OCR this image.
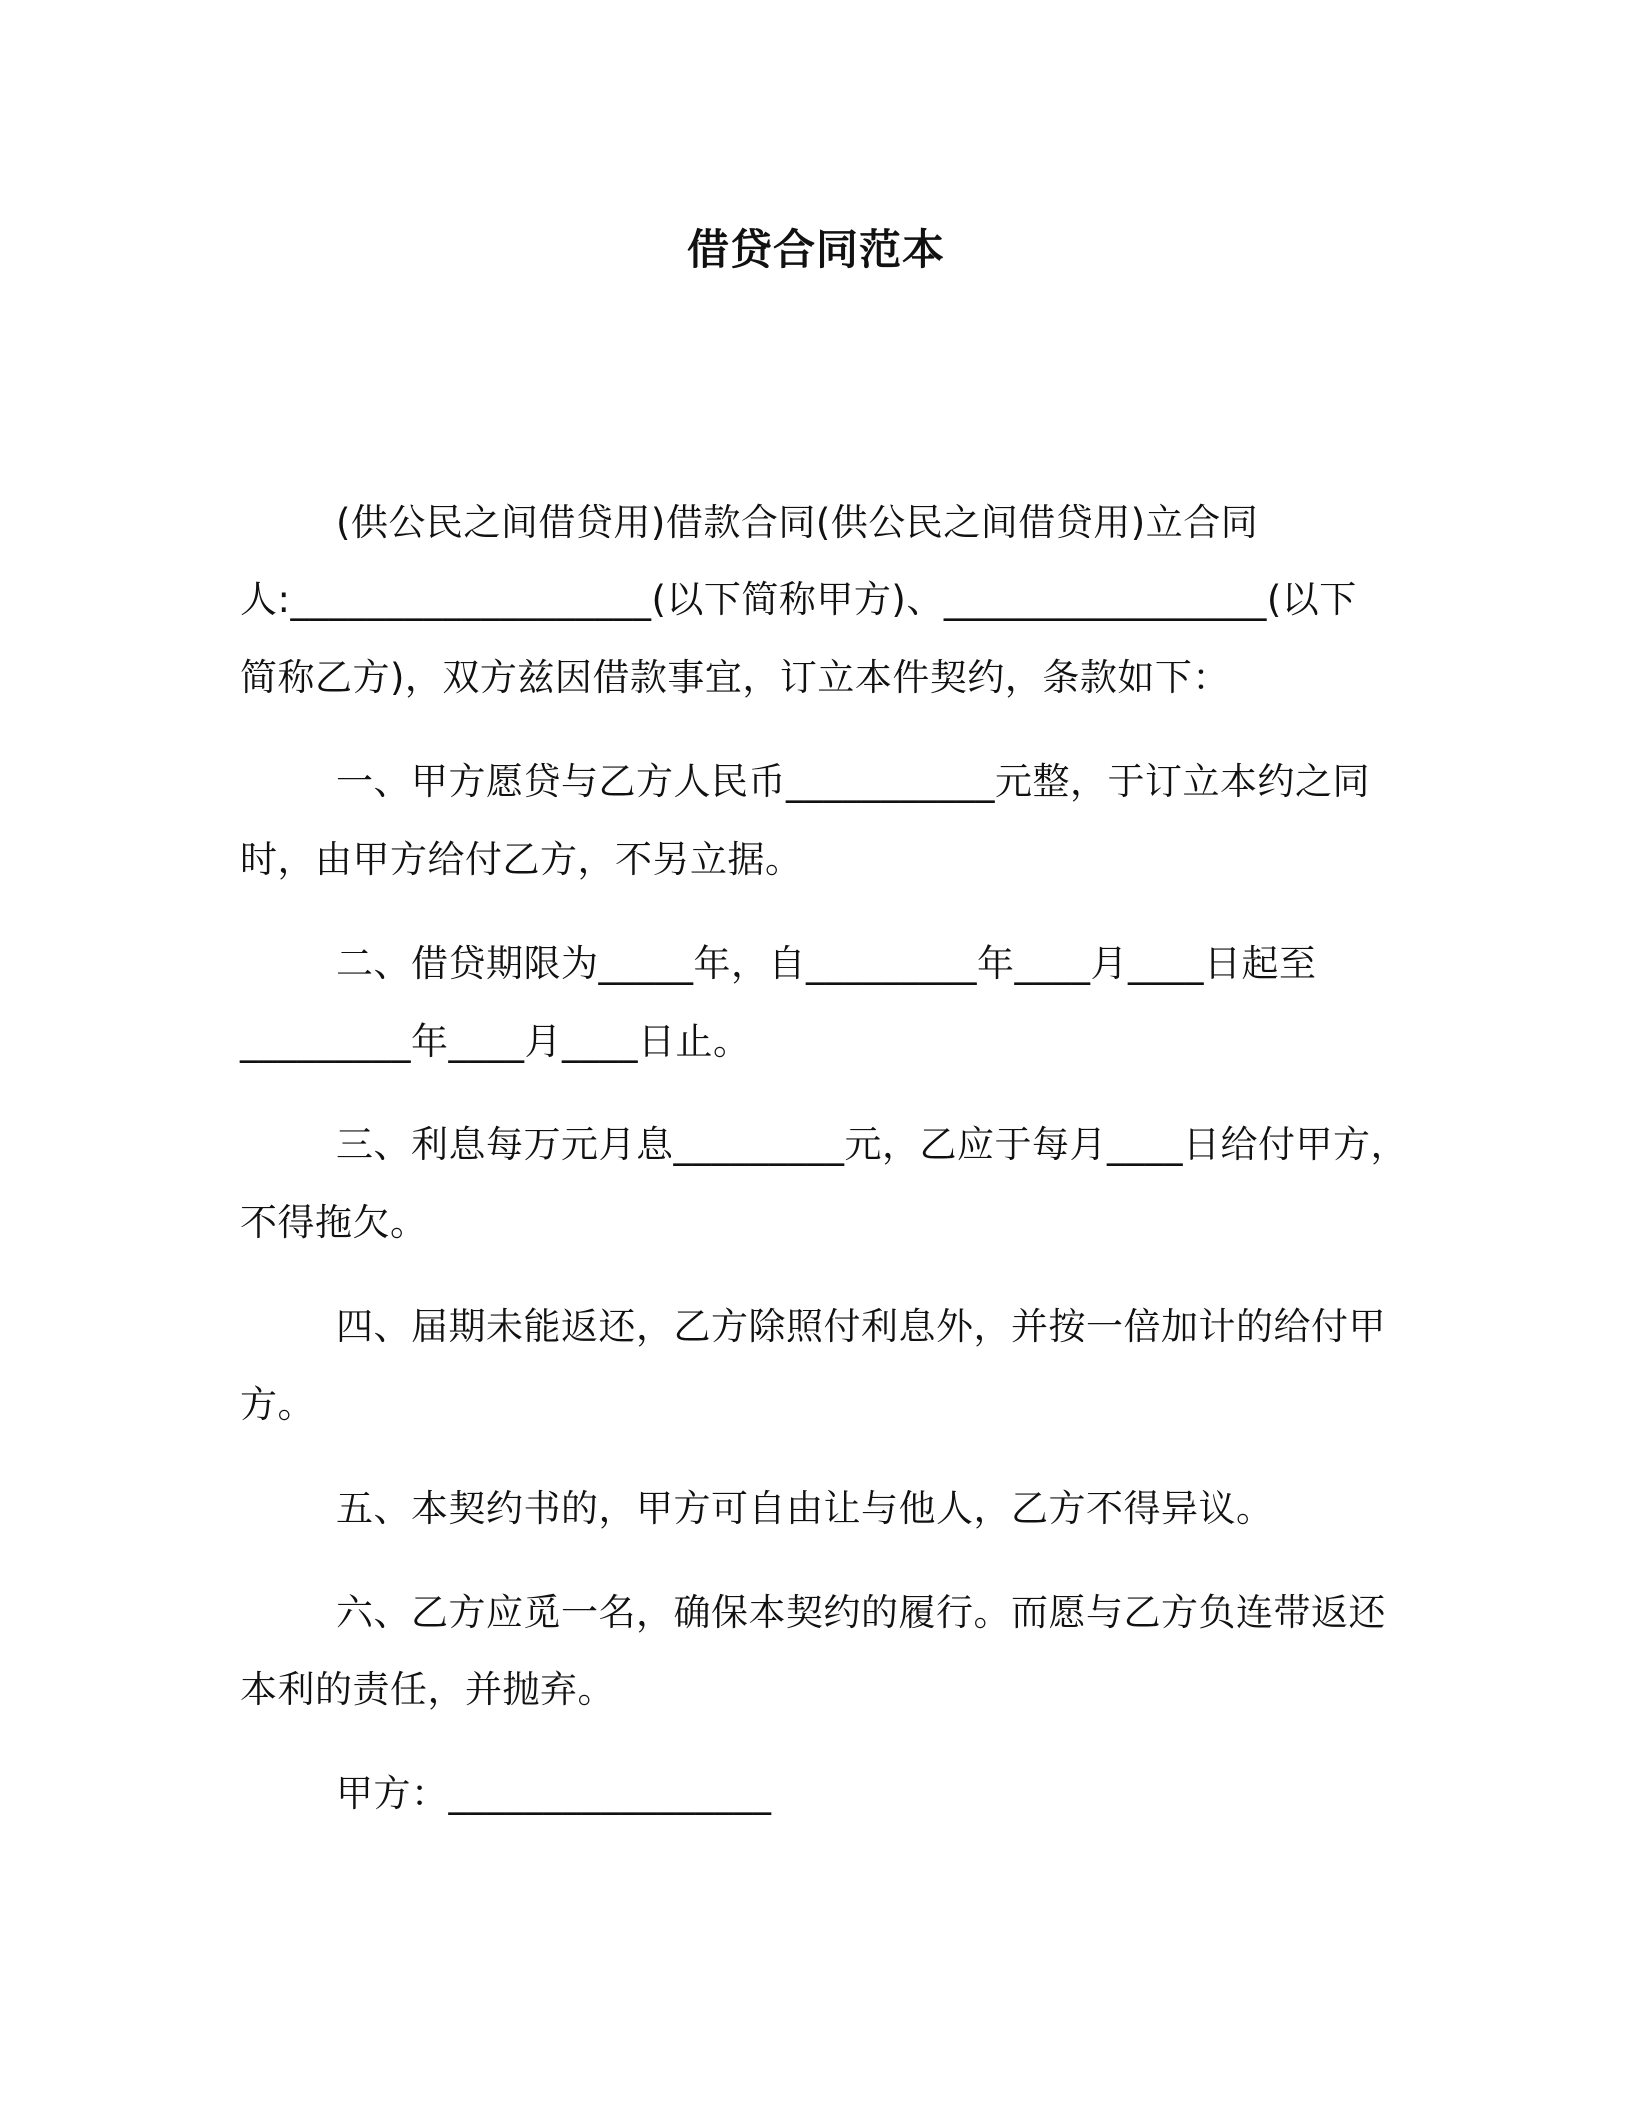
借贷合同范本
(供公民之间借贷用)借款合同(供公民之间借贷用)立合同
人:___________________(以下简称甲方)、_________________(以下
简称乙方)，双方兹因借款事宜，订立本件契约，条款如下：
一、甲方愿贷与乙方人民币___________元整，于订立本约之同
时，由甲方给付乙方，不另立据。
二、借贷期限为_____年，自_________年____月____日起至
_________年____月____日止。
三、利息每万元月息_________元，乙应于每月____日给付甲方，
不得拖欠。
四、届期未能返还，乙方除照付利息外，并按一倍加计的给付甲
方。
五、本契约书的，甲方可自由让与他人，乙方不得异议。
六、乙方应觅一名，确保本契约的履行。而愿与乙方负连带返还
本利的责任，并抛弃。
甲方：_________________
